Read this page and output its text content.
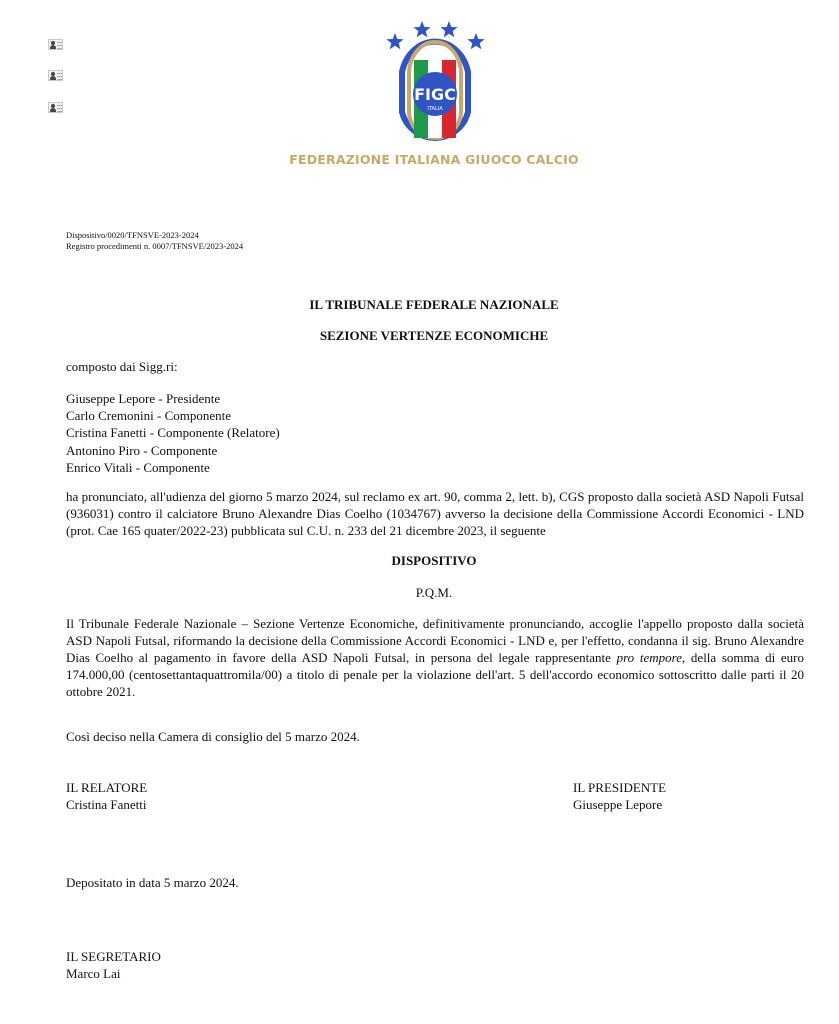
FIGC
ITALIA
FEDERAZIONE ITALIANA GIUOCO CALCIO
Dispositivo/0020/TFNSVE-2023-2024
Registro procedimenti n. 0007/TFNSVE/2023-2024
IL TRIBUNALE FEDERALE NAZIONALE
SEZIONE VERTENZE ECONOMICHE
composto dai Sigg.ri:
Giuseppe Lepore - Presidente
Carlo Cremonini - Componente
Cristina Fanetti - Componente (Relatore)
Antonino Piro - Componente
Enrico Vitali - Componente
ha pronunciato, all'udienza del giorno 5 marzo 2024, sul reclamo ex art. 90, comma 2, lett. b), CGS proposto dalla società ASD Napoli Futsal (936031) contro il calciatore Bruno Alexandre Dias Coelho (1034767) avverso la decisione della Commissione Accordi Economici - LND (prot. Cae 165 quater/2022-23) pubblicata sul C.U. n. 233 del 21 dicembre 2023, il seguente
DISPOSITIVO
P.Q.M.
Il Tribunale Federale Nazionale – Sezione Vertenze Economiche, definitivamente pronunciando, accoglie l'appello proposto dalla società ASD Napoli Futsal, riformando la decisione della Commissione Accordi Economici - LND e, per l'effetto, condanna il sig. Bruno Alexandre Dias Coelho al pagamento in favore della ASD Napoli Futsal, in persona del legale rappresentante pro tempore, della somma di euro 174.000,00 (centosettantaquattromila/00) a titolo di penale per la violazione dell'art. 5 dell'accordo economico sottoscritto dalle parti il 20 ottobre 2021.
Così deciso nella Camera di consiglio del 5 marzo 2024.
IL RELATORE
Cristina Fanetti
IL PRESIDENTE
Giuseppe Lepore
Depositato in data 5 marzo 2024.
IL SEGRETARIO
Marco Lai
